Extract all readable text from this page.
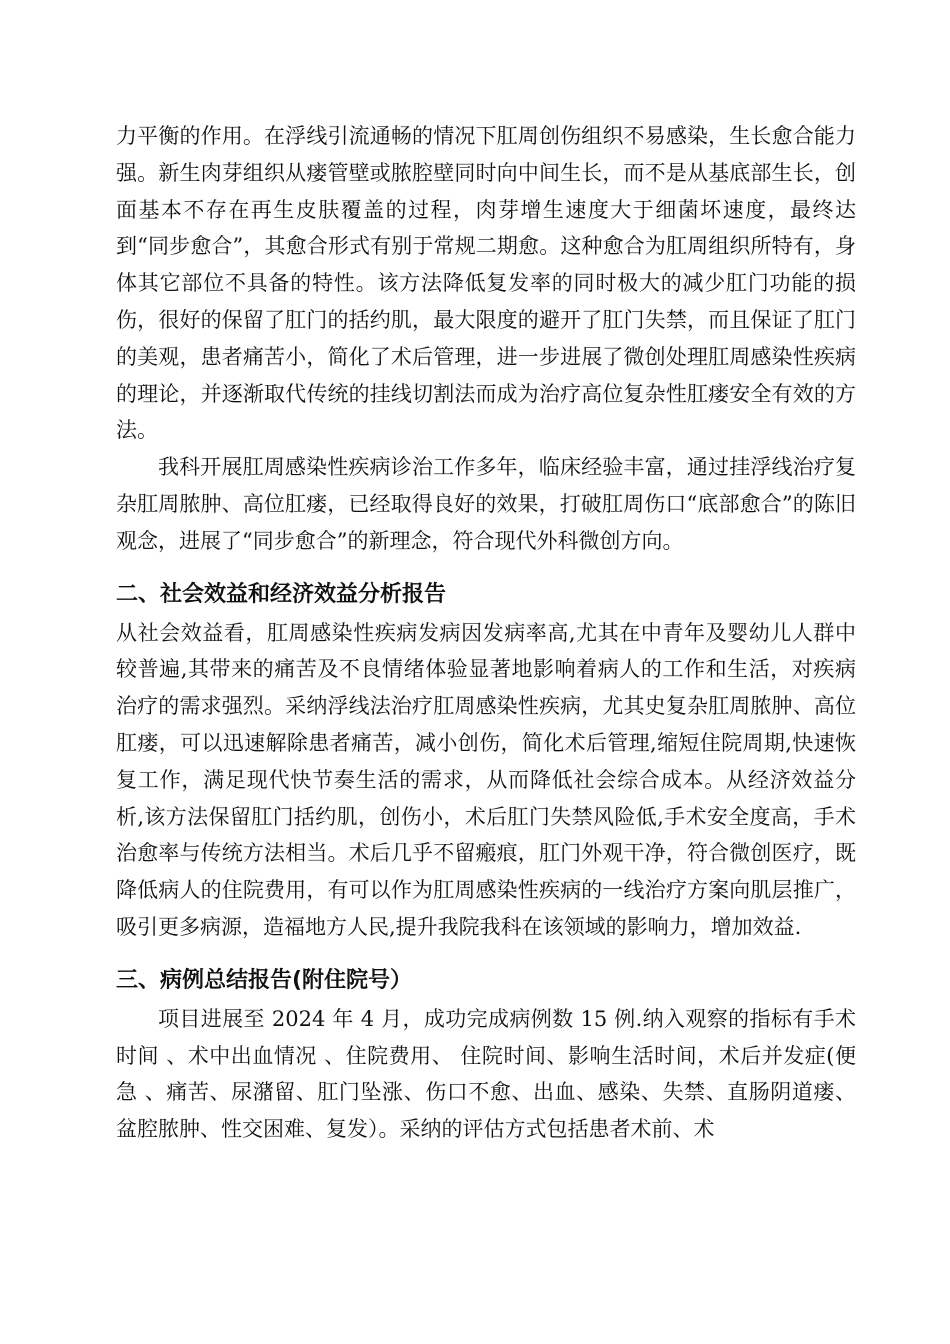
力平衡的作用。在浮线引流通畅的情况下肛周创伤组织不易感染，生长愈合能力强。新生肉芽组织从瘘管壁或脓腔壁同时向中间生长，而不是从基底部生长，创面基本不存在再生皮肤覆盖的过程，肉芽增生速度大于细菌坏速度，最终达到“同步愈合”，其愈合形式有别于常规二期愈。这种愈合为肛周组织所特有，身体其它部位不具备的特性。该方法降低复发率的同时极大的减少肛门功能的损伤，很好的保留了肛门的括约肌，最大限度的避开了肛门失禁，而且保证了肛门的美观，患者痛苦小，简化了术后管理，进一步进展了微创处理肛周感染性疾病的理论，并逐渐取代传统的挂线切割法而成为治疗高位复杂性肛瘘安全有效的方法。

我科开展肛周感染性疾病诊治工作多年，临床经验丰富，通过挂浮线治疗复杂肛周脓肿、高位肛瘘，已经取得良好的效果，打破肛周伤口“底部愈合”的陈旧观念，进展了“同步愈合”的新理念，符合现代外科微创方向。

二、社会效益和经济效益分析报告

从社会效益看，肛周感染性疾病发病因发病率高,尤其在中青年及婴幼儿人群中较普遍,其带来的痛苦及不良情绪体验显著地影响着病人的工作和生活，对疾病治疗的需求强烈。采纳浮线法治疗肛周感染性疾病，尤其史复杂肛周脓肿、高位肛瘘，可以迅速解除患者痛苦，减小创伤，简化术后管理,缩短住院周期,快速恢复工作，满足现代快节奏生活的需求，从而降低社会综合成本。从经济效益分析,该方法保留肛门括约肌，创伤小，术后肛门失禁风险低,手术安全度高，手术治愈率与传统方法相当。术后几乎不留瘢痕，肛门外观干净，符合微创医疗，既降低病人的住院费用，有可以作为肛周感染性疾病的一线治疗方案向肌层推广，吸引更多病源，造福地方人民,提升我院我科在该领域的影响力，增加效益.

三、病例总结报告(附住院号）

项目进展至 2024 年 4 月，成功完成病例数 15 例.纳入观察的指标有手术时间 、术中出血情况 、住院费用、 住院时间、影响生活时间，术后并发症(便急 、痛苦、尿潴留、肛门坠涨、伤口不愈、出血、感染、失禁、直肠阴道瘘、盆腔脓肿、性交困难、复发）。采纳的评估方式包括患者术前、术
